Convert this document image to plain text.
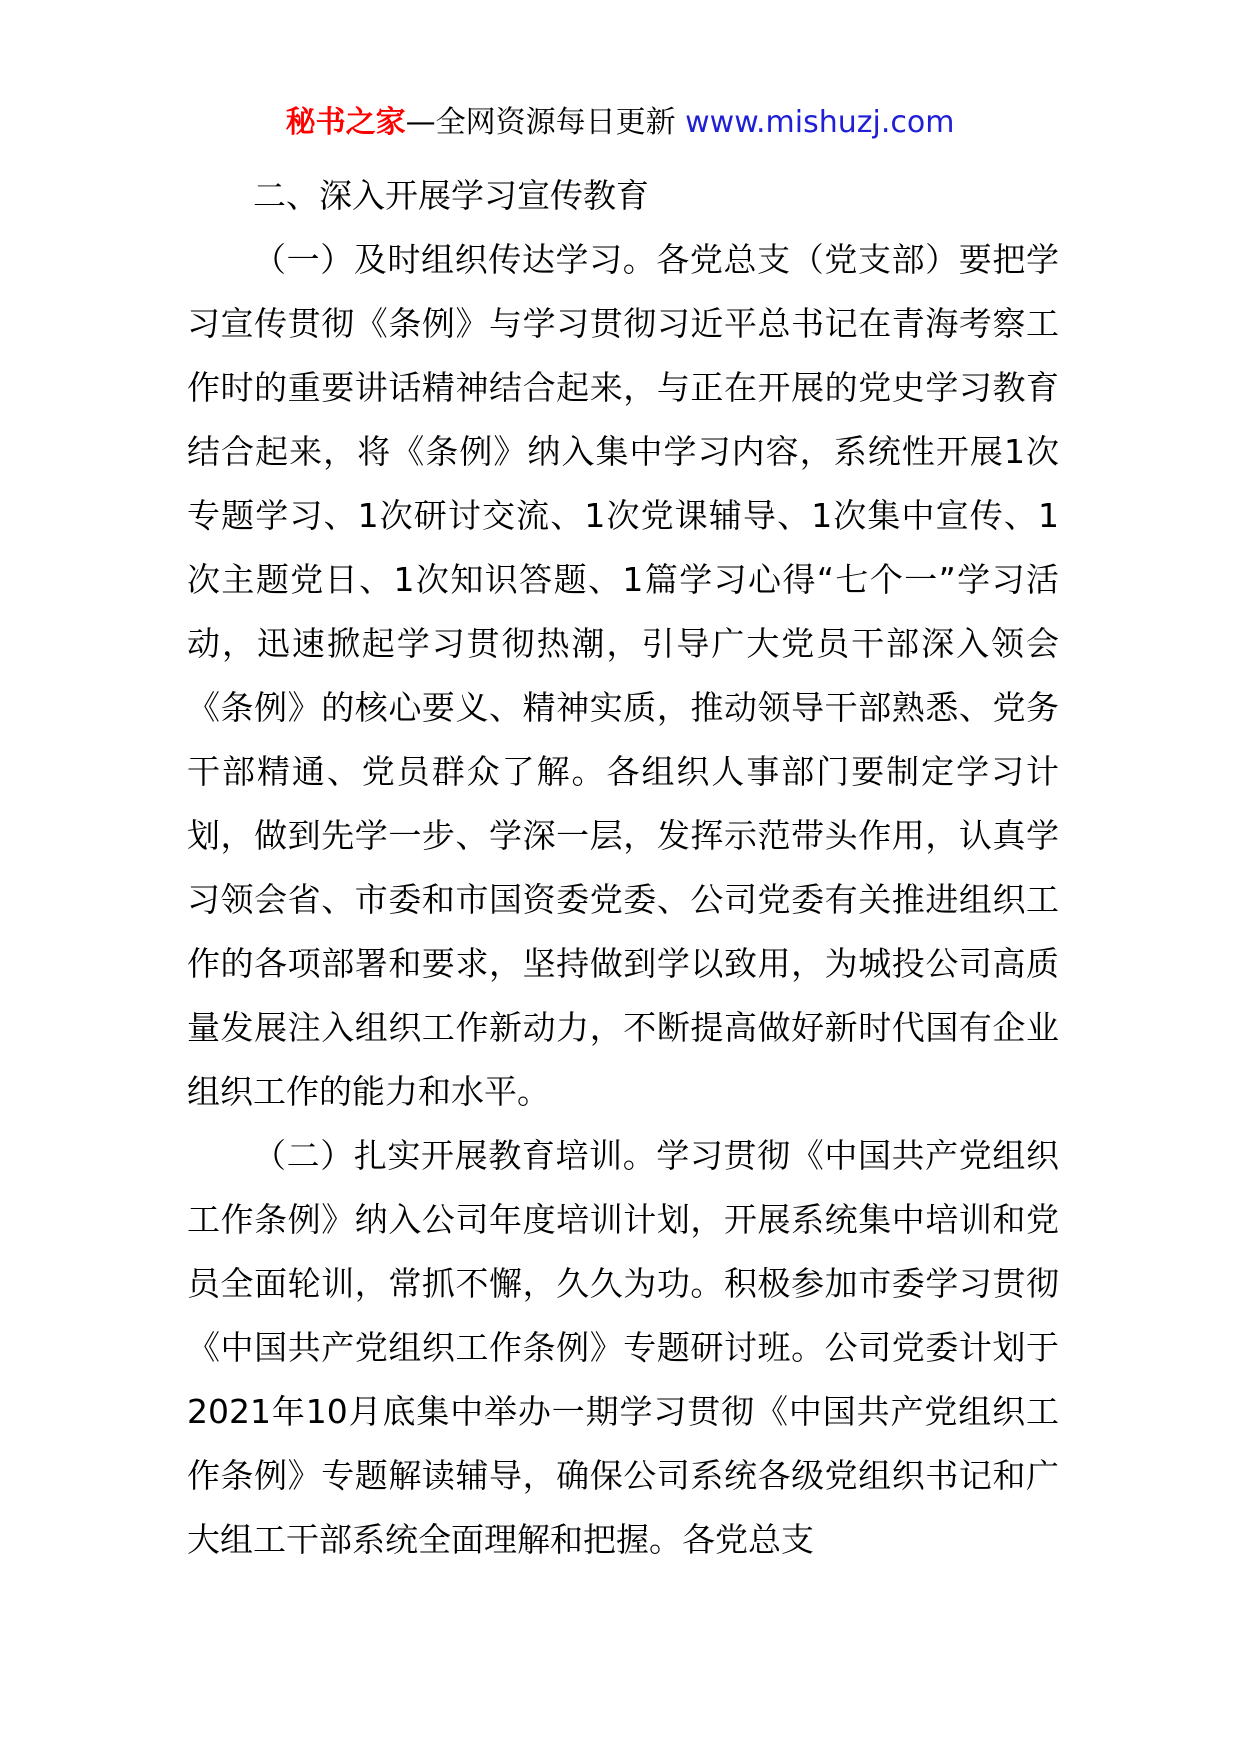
秘书之家—全网资源每日更新 www.mishuzj.com

二、深入开展学习宣传教育

（一）及时组织传达学习。各党总支（党支部）要把学习宣传贯彻《条例》与学习贯彻习近平总书记在青海考察工作时的重要讲话精神结合起来，与正在开展的党史学习教育结合起来，将《条例》纳入集中学习内容，系统性开展1次专题学习、1次研讨交流、1次党课辅导、1次集中宣传、1次主题党日、1次知识答题、1篇学习心得“七个一”学习活动，迅速掀起学习贯彻热潮，引导广大党员干部深入领会《条例》的核心要义、精神实质，推动领导干部熟悉、党务干部精通、党员群众了解。各组织人事部门要制定学习计划，做到先学一步、学深一层，发挥示范带头作用，认真学习领会省、市委和市国资委党委、公司党委有关推进组织工作的各项部署和要求，坚持做到学以致用，为城投公司高质量发展注入组织工作新动力，不断提高做好新时代国有企业组织工作的能力和水平。

（二）扎实开展教育培训。学习贯彻《中国共产党组织工作条例》纳入公司年度培训计划，开展系统集中培训和党员全面轮训，常抓不懈，久久为功。积极参加市委学习贯彻《中国共产党组织工作条例》专题研讨班。公司党委计划于2021年10月底集中举办一期学习贯彻《中国共产党组织工作条例》专题解读辅导，确保公司系统各级党组织书记和广大组工干部系统全面理解和把握。各党总支
